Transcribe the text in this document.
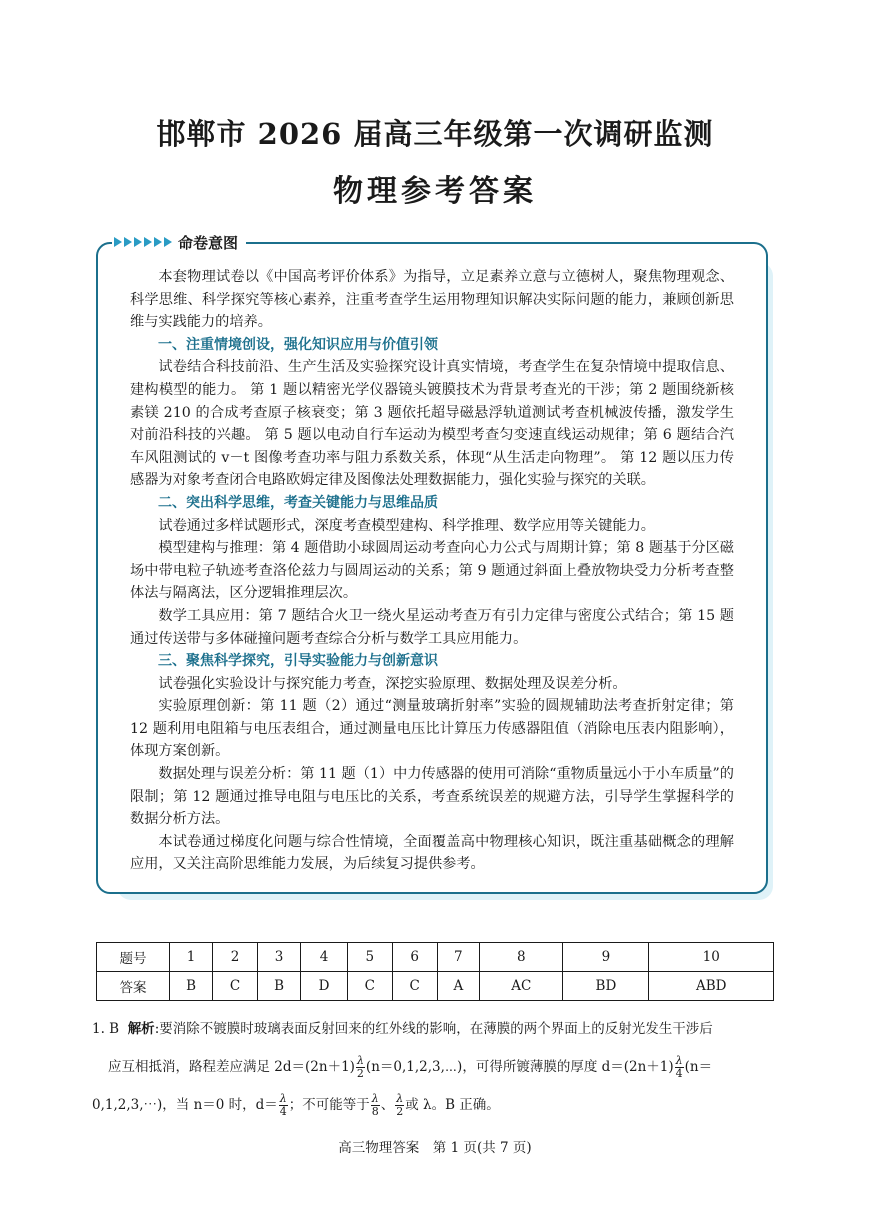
邯郸市 2026 届高三年级第一次调研监测
物理参考答案
命卷意图

本套物理试卷以《中国高考评价体系》为指导，立足素养立意与立德树人，聚焦物理观念、科学思维、科学探究等核心素养，注重考查学生运用物理知识解决实际问题的能力，兼顾创新思维与实践能力的培养。

一、注重情境创设，强化知识应用与价值引领

试卷结合科技前沿、生产生活及实验探究设计真实情境，考查学生在复杂情境中提取信息、建构模型的能力。 第 1 题以精密光学仪器镜头镀膜技术为背景考查光的干涉；第 2 题围绕新核素镁 210 的合成考查原子核衰变；第 3 题依托超导磁悬浮轨道测试考查机械波传播，激发学生对前沿科技的兴趣。 第 5 题以电动自行车运动为模型考查匀变速直线运动规律；第 6 题结合汽车风阻测试的 v－t 图像考查功率与阻力系数关系，体现“从生活走向物理”。 第 12 题以压力传感器为对象考查闭合电路欧姆定律及图像法处理数据能力，强化实验与探究的关联。

二、突出科学思维，考查关键能力与思维品质

试卷通过多样试题形式，深度考查模型建构、科学推理、数学应用等关键能力。

模型建构与推理：第 4 题借助小球圆周运动考查向心力公式与周期计算；第 8 题基于分区磁场中带电粒子轨迹考查洛伦兹力与圆周运动的关系；第 9 题通过斜面上叠放物块受力分析考查整体法与隔离法，区分逻辑推理层次。

数学工具应用：第 7 题结合火卫一绕火星运动考查万有引力定律与密度公式结合；第 15 题通过传送带与多体碰撞问题考查综合分析与数学工具应用能力。

三、聚焦科学探究，引导实验能力与创新意识

试卷强化实验设计与探究能力考查，深挖实验原理、数据处理及误差分析。

实验原理创新：第 11 题（2）通过“测量玻璃折射率”实验的圆规辅助法考查折射定律；第 12 题利用电阻箱与电压表组合，通过测量电压比计算压力传感器阻值（消除电压表内阻影响），体现方案创新。

数据处理与误差分析：第 11 题（1）中力传感器的使用可消除“重物质量远小于小车质量”的限制；第 12 题通过推导电阻与电压比的关系，考查系统误差的规避方法，引导学生掌握科学的数据分析方法。

本试卷通过梯度化问题与综合性情境，全面覆盖高中物理核心知识，既注重基础概念的理解应用，又关注高阶思维能力发展，为后续复习提供参考。

题号	1	2	3	4	5	6	7	8	9	10
答案	B	C	B	D	C	C	A	AC	BD	ABD

1. B 解析:要消除不镀膜时玻璃表面反射回来的红外线的影响，在薄膜的两个界面上的反射光发生干涉后

应互相抵消，路程差应满足 $2d=(2n+1) \frac{\lambda}{2}$ (n＝0,1,2,3,⋯)，可得所镀薄膜的厚度 $d=(2n+1) \frac{\lambda}{4} (n=$

0,1,2,3,⋯)，当 n＝0 时，$d= \frac{\lambda}{4}$ ；不可能等于 $\frac{\lambda}{8}$ 、 $\frac{\lambda}{2}$ 或 λ。B 正确。

高三物理答案　第 1 页(共 7 页)
